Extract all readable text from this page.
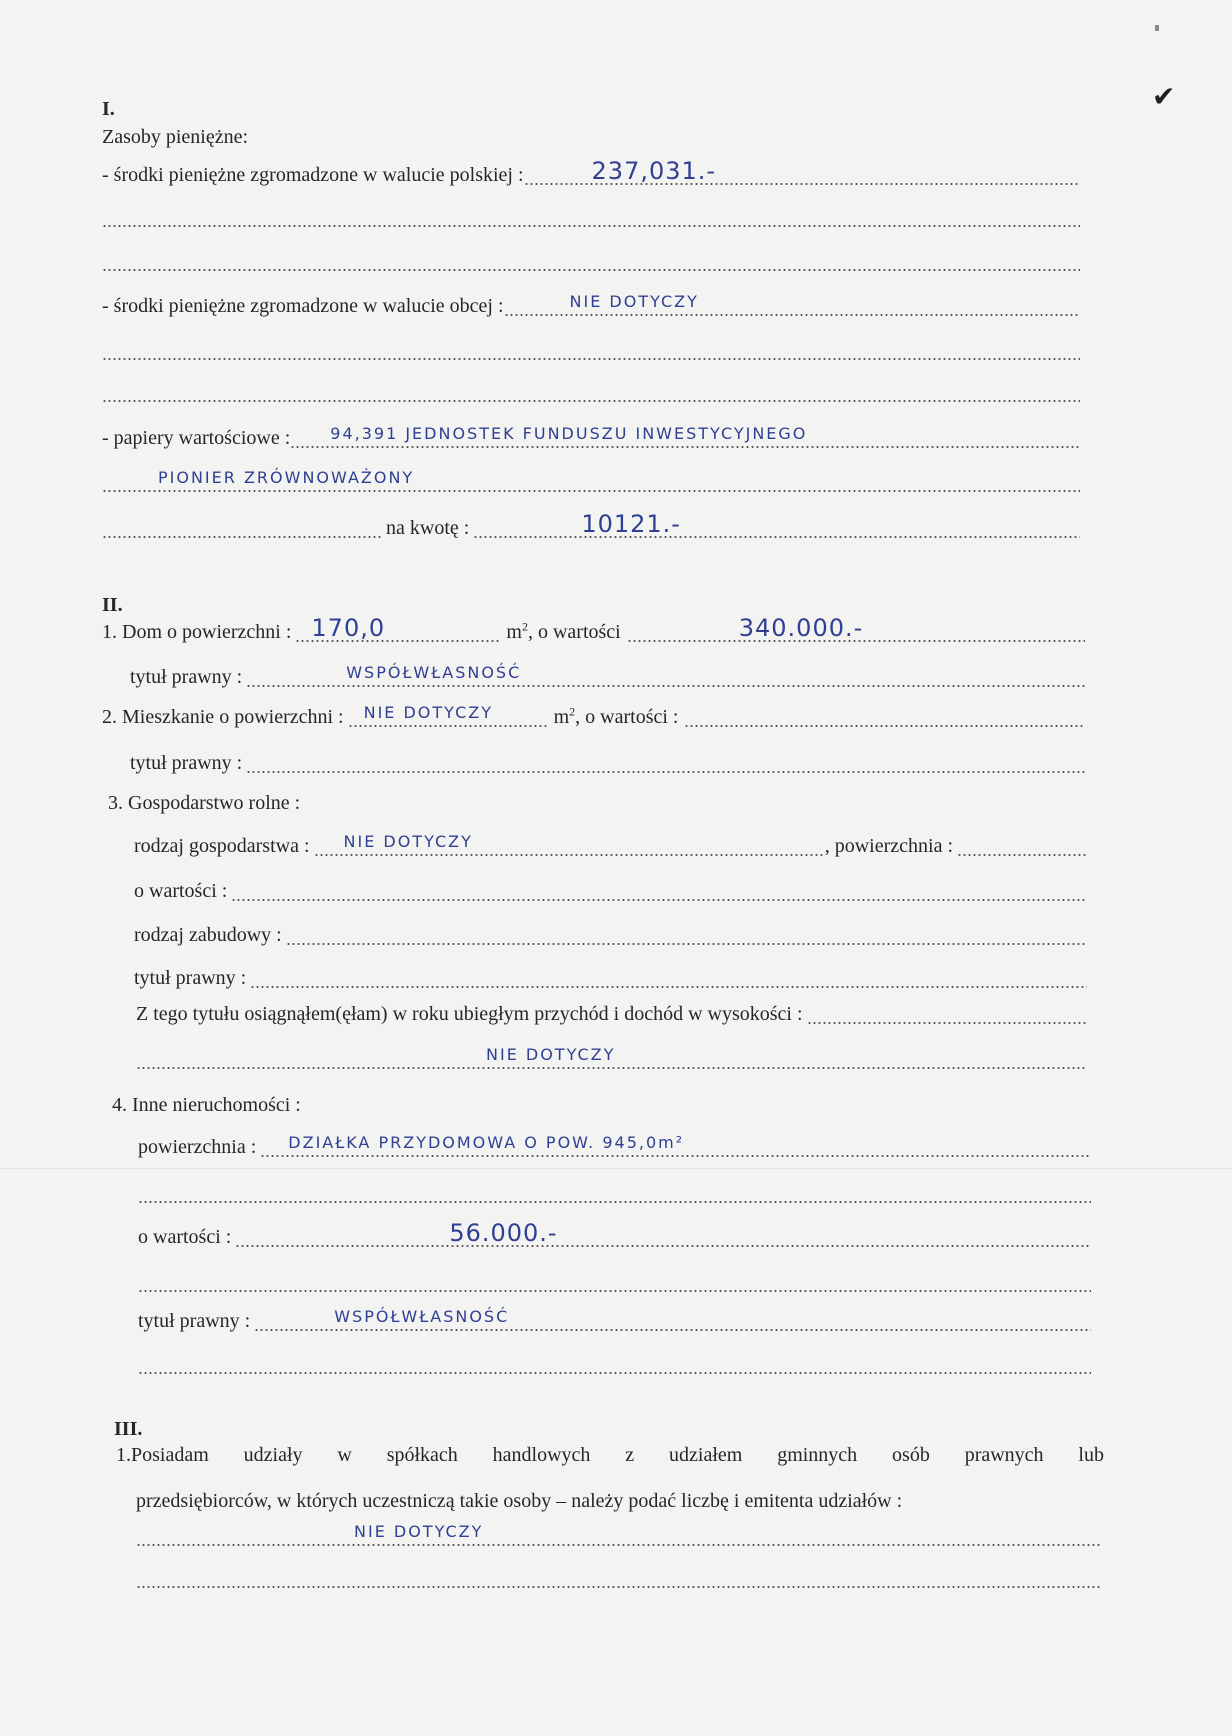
✔
I.
Zasoby pieniężne:
- środki pieniężne zgromadzone w walucie polskiej :	237,031.-
- środki pieniężne zgromadzone w walucie obcej :	NIE DOTYCZY
- papiery wartościowe :	94,391 JEDNOSTEK FUNDUSZU INWESTYCYJNEGO
PIONIER ZRÓWNOWAŻONY
na kwotę :	10121.-
II.
1. Dom o powierzchni : 170,0	$m^2$, o wartości	340.000.-
tytuł prawny :	WSPÓŁWŁASNOŚĆ
2. Mieszkanie o powierzchni : NIE DOTYCZY	$m^2$, o wartości :
tytuł prawny :
3. Gospodarstwo rolne :
rodzaj gospodarstwa : NIE DOTYCZY	, powierzchnia :
o wartości :
rodzaj zabudowy :
tytuł prawny :
Z tego tytułu osiągnąłem(ęłam) w roku ubiegłym przychód i dochód w wysokości :
NIE DOTYCZY
4. Inne nieruchomości :
powierzchnia : DZIAŁKA PRZYDOMOWA O POW. 945,0m²
o wartości :	56.000.-
tytuł prawny :	WSPÓŁWŁASNOŚĆ
III.
1.Posiadam udziały w spółkach handlowych z udziałem gminnych osób prawnych lub
przedsiębiorców, w których uczestniczą takie osoby – należy podać liczbę i emitenta udziałów :
NIE DOTYCZY
